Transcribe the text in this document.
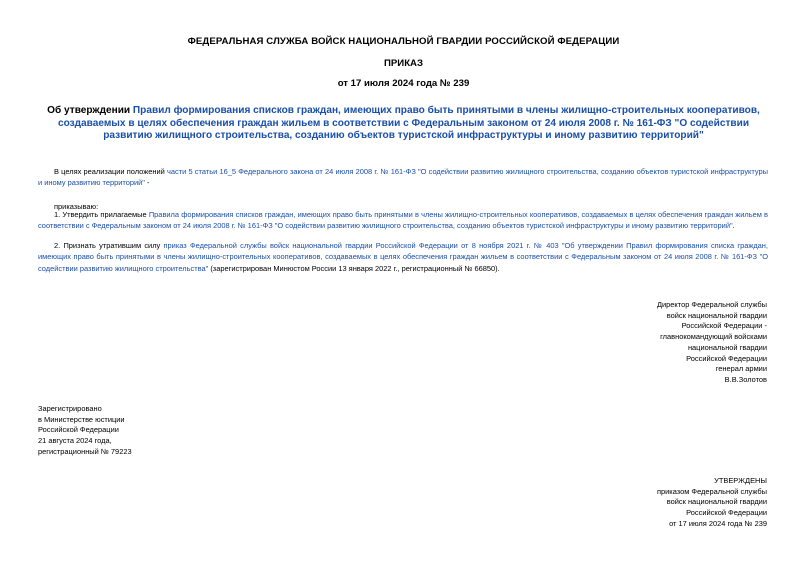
ФЕДЕРАЛЬНАЯ СЛУЖБА ВОЙСК НАЦИОНАЛЬНОЙ ГВАРДИИ РОССИЙСКОЙ ФЕДЕРАЦИИ
ПРИКАЗ
от 17 июля 2024 года № 239
Об утверждении Правил формирования списков граждан, имеющих право быть принятыми в члены жилищно-строительных кооперативов, создаваемых в целях обеспечения граждан жильем в соответствии с Федеральным законом от 24 июля 2008 г. № 161-ФЗ "О содействии развитию жилищного строительства, созданию объектов туристской инфраструктуры и иному развитию территорий"
В целях реализации положений части 5 статьи 16_5 Федерального закона от 24 июля 2008 г. № 161-ФЗ "О содействии развитию жилищного строительства, созданию объектов туристской инфраструктуры и иному развитию территорий" -
приказываю:
1. Утвердить прилагаемые Правила формирования списков граждан, имеющих право быть принятыми в члены жилищно-строительных кооперативов, создаваемых в целях обеспечения граждан жильем в соответствии с Федеральным законом от 24 июля 2008 г. № 161-ФЗ "О содействии развитию жилищного строительства, созданию объектов туристской инфраструктуры и иному развитию территорий".
2. Признать утратившим силу приказ Федеральной службы войск национальной гвардии Российской Федерации от 8 ноября 2021 г. № 403 "Об утверждении Правил формирования списка граждан, имеющих право быть принятыми в члены жилищно-строительных кооперативов, создаваемых в целях обеспечения граждан жильем в соответствии с Федеральным законом от 24 июля 2008 г. № 161-ФЗ "О содействии развитию жилищного строительства" (зарегистрирован Минюстом России 13 января 2022 г., регистрационный № 66850).
Директор Федеральной службы
войск национальной гвардии
Российской Федерации -
главнокомандующий войсками
национальной гвардии
Российской Федерации
генерал армии
В.В.Золотов
Зарегистрировано
в Министерстве юстиции
Российской Федерации
21 августа 2024 года,
регистрационный № 79223
УТВЕРЖДЕНЫ
приказом Федеральной службы
войск национальной гвардии
Российской Федерации
от 17 июля 2024 года № 239
